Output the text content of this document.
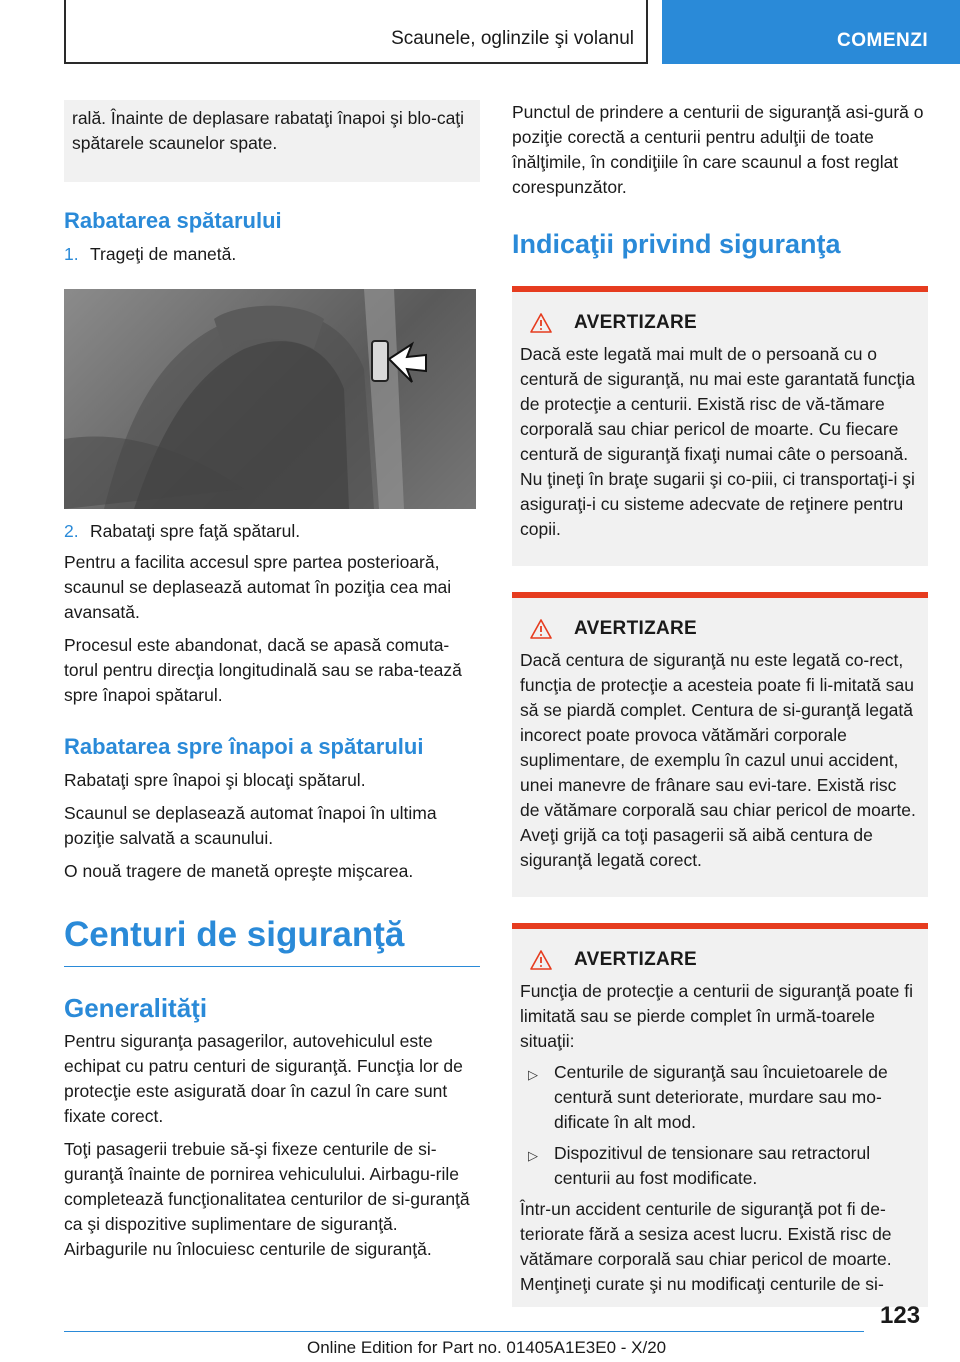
Scaunele, oglinzile şi volanul	COMENZI

rală. Înainte de deplasare rabataţi înapoi şi blo-caţi spătarele scaunelor spate.

Rabatarea spătarului
1. Trageţi de manetă.
2. Rabataţi spre faţă spătarul.

Pentru a facilita accesul spre partea posterioară, scaunul se deplasează automat în poziţia cea mai avansată.

Procesul este abandonat, dacă se apasă comuta-torul pentru direcţia longitudinală sau se raba-tează spre înapoi spătarul.

Rabatarea spre înapoi a spătarului

Rabataţi spre înapoi şi blocaţi spătarul.

Scaunul se deplasează automat înapoi în ultima poziţie salvată a scaunului.

O nouă tragere de manetă opreşte mişcarea.

Centuri de siguranţă
Generalităţi

Pentru siguranţa pasagerilor, autovehiculul este echipat cu patru centuri de siguranţă. Funcţia lor de protecţie este asigurată doar în cazul în care sunt fixate corect.

Toţi pasagerii trebuie să-şi fixeze centurile de si-guranţă înainte de pornirea vehiculului. Airbagu-rile completează funcţionalitatea centurilor de si-guranţă ca şi dispozitive suplimentare de siguranţă. Airbagurile nu înlocuiesc centurile de siguranţă.

Punctul de prindere a centurii de siguranţă asi-gură o poziţie corectă a centurii pentru adulţii de toate înălţimile, în condiţiile în care scaunul a fost reglat corespunzător.

Indicaţii privind siguranţa
AVERTIZARE

Dacă este legată mai mult de o persoană cu o centură de siguranţă, nu mai este garantată funcţia de protecţie a centurii. Există risc de vă-tămare corporală sau chiar pericol de moarte. Cu fiecare centură de siguranţă fixaţi numai câte o persoană. Nu ţineţi în braţe sugarii şi co-piii, ci transportaţi-i şi asiguraţi-i cu sisteme adecvate de reţinere pentru copii.

AVERTIZARE

Dacă centura de siguranţă nu este legată co-rect, funcţia de protecţie a acesteia poate fi li-mitată sau să se piardă complet. Centura de si-guranţă legată incorect poate provoca vătămări corporale suplimentare, de exemplu în cazul unui accident, unei manevre de frânare sau evi-tare. Există risc de vătămare corporală sau chiar pericol de moarte. Aveţi grijă ca toţi pasagerii să aibă centura de siguranţă legată corect.

AVERTIZARE

Funcţia de protecţie a centurii de siguranţă poate fi limitată sau se pierde complet în urmă-toarele situaţii:

▷ Centurile de siguranţă sau încuietoarele de centură sunt deteriorate, murdare sau mo-dificate în alt mod.
▷ Dispozitivul de tensionare sau retractorul centurii au fost modificate.

Într-un accident centurile de siguranţă pot fi de-teriorate fără a sesiza acest lucru. Există risc de vătămare corporală sau chiar pericol de moarte. Menţineţi curate şi nu modificaţi centurile de si-

123
Online Edition for Part no. 01405A1E3E0 - X/20
